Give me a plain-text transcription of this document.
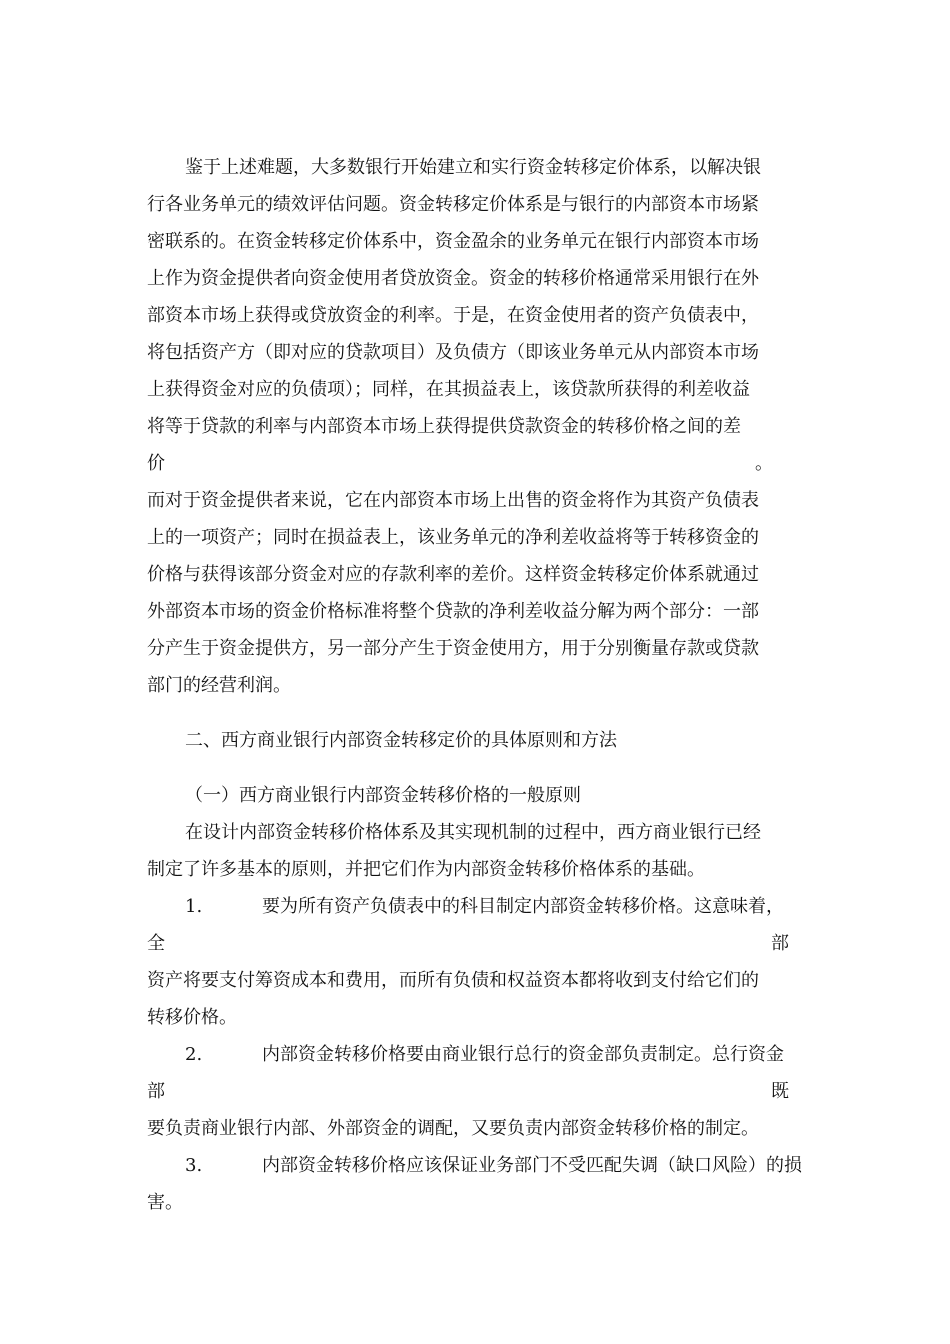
鉴于上述难题，大多数银行开始建立和实行资金转移定价体系，以解决银
行各业务单元的绩效评估问题。资金转移定价体系是与银行的内部资本市场紧
密联系的。在资金转移定价体系中，资金盈余的业务单元在银行内部资本市场
上作为资金提供者向资金使用者贷放资金。资金的转移价格通常采用银行在外
部资本市场上获得或贷放资金的利率。于是，在资金使用者的资产负债表中，
将包括资产方（即对应的贷款项目）及负债方（即该业务单元从内部资本市场
上获得资金对应的负债项）；同样，在其损益表上，该贷款所获得的利差收益
将等于贷款的利率与内部资本市场上获得提供贷款资金的转移价格之间的差
价	。
而对于资金提供者来说，它在内部资本市场上出售的资金将作为其资产负债表
上的一项资产；同时在损益表上，该业务单元的净利差收益将等于转移资金的
价格与获得该部分资金对应的存款利率的差价。这样资金转移定价体系就通过
外部资本市场的资金价格标准将整个贷款的净利差收益分解为两个部分：一部
分产生于资金提供方，另一部分产生于资金使用方，用于分别衡量存款或贷款
部门的经营利润。
二、西方商业银行内部资金转移定价的具体原则和方法
（一）西方商业银行内部资金转移价格的一般原则
在设计内部资金转移价格体系及其实现机制的过程中，西方商业银行已经
制定了许多基本的原则，并把它们作为内部资金转移价格体系的基础。
1.	要为所有资产负债表中的科目制定内部资金转移价格。这意味着，
全	部
资产将要支付筹资成本和费用，而所有负债和权益资本都将收到支付给它们的
转移价格。
2.	内部资金转移价格要由商业银行总行的资金部负责制定。总行资金
部	既
要负责商业银行内部、外部资金的调配，又要负责内部资金转移价格的制定。
3.	内部资金转移价格应该保证业务部门不受匹配失调（缺口风险）的损
害。
